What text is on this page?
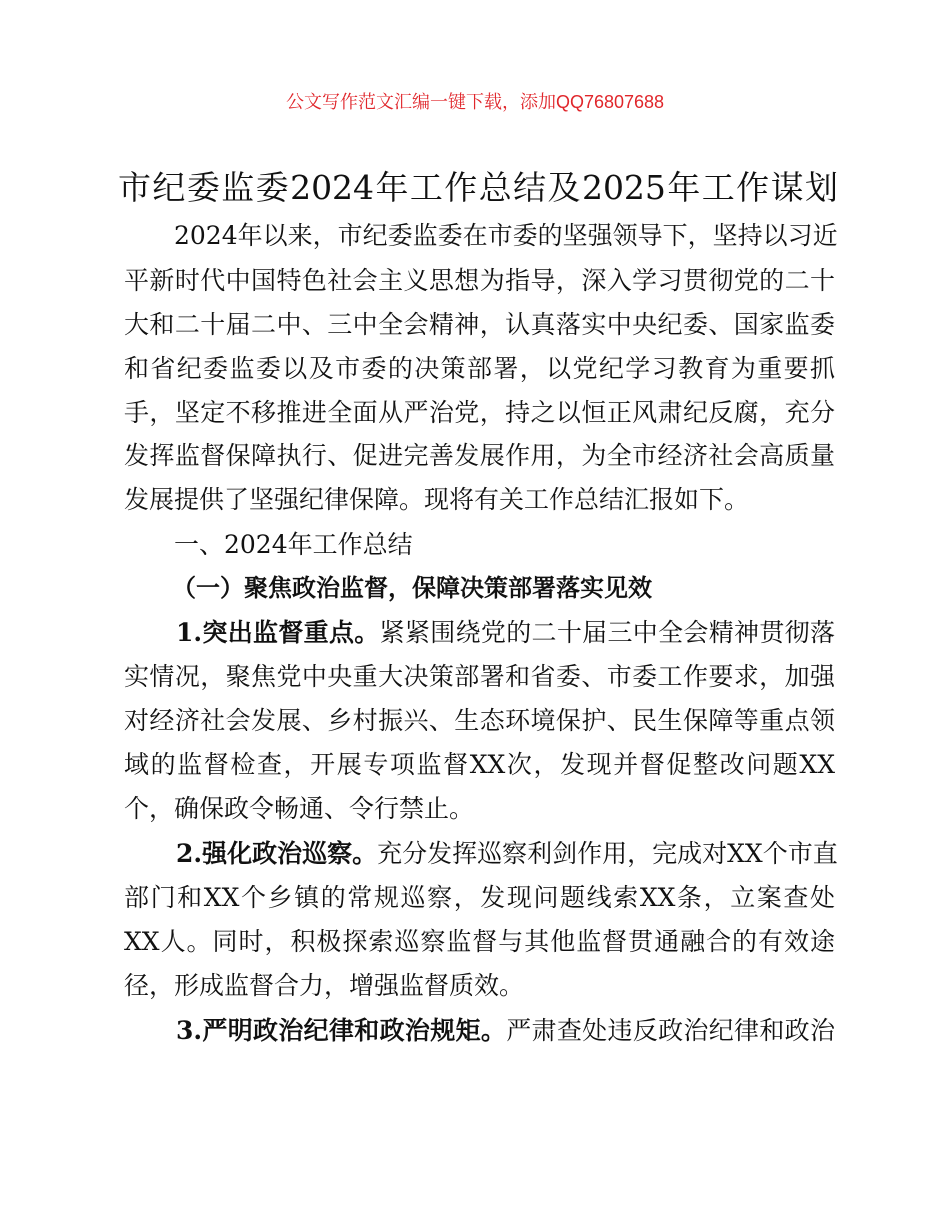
公文写作范文汇编一键下载，添加QQ76807688
市纪委监委2024年工作总结及2025年工作谋划
2024年以来，市纪委监委在市委的坚强领导下，坚持以习近
平新时代中国特色社会主义思想为指导，深入学习贯彻党的二十
大和二十届二中、三中全会精神，认真落实中央纪委、国家监委
和省纪委监委以及市委的决策部署，以党纪学习教育为重要抓
手，坚定不移推进全面从严治党，持之以恒正风肃纪反腐，充分
发挥监督保障执行、促进完善发展作用，为全市经济社会高质量
发展提供了坚强纪律保障。现将有关工作总结汇报如下。
一、2024年工作总结
（一）聚焦政治监督，保障决策部署落实见效
1.突出监督重点。紧紧围绕党的二十届三中全会精神贯彻落
实情况，聚焦党中央重大决策部署和省委、市委工作要求，加强
对经济社会发展、乡村振兴、生态环境保护、民生保障等重点领
域的监督检查，开展专项监督XX次，发现并督促整改问题XX
个，确保政令畅通、令行禁止。
2.强化政治巡察。充分发挥巡察利剑作用，完成对XX个市直
部门和XX个乡镇的常规巡察，发现问题线索XX条，立案查处
XX人。同时，积极探索巡察监督与其他监督贯通融合的有效途
径，形成监督合力，增强监督质效。
3.严明政治纪律和政治规矩。严肃查处违反政治纪律和政治
